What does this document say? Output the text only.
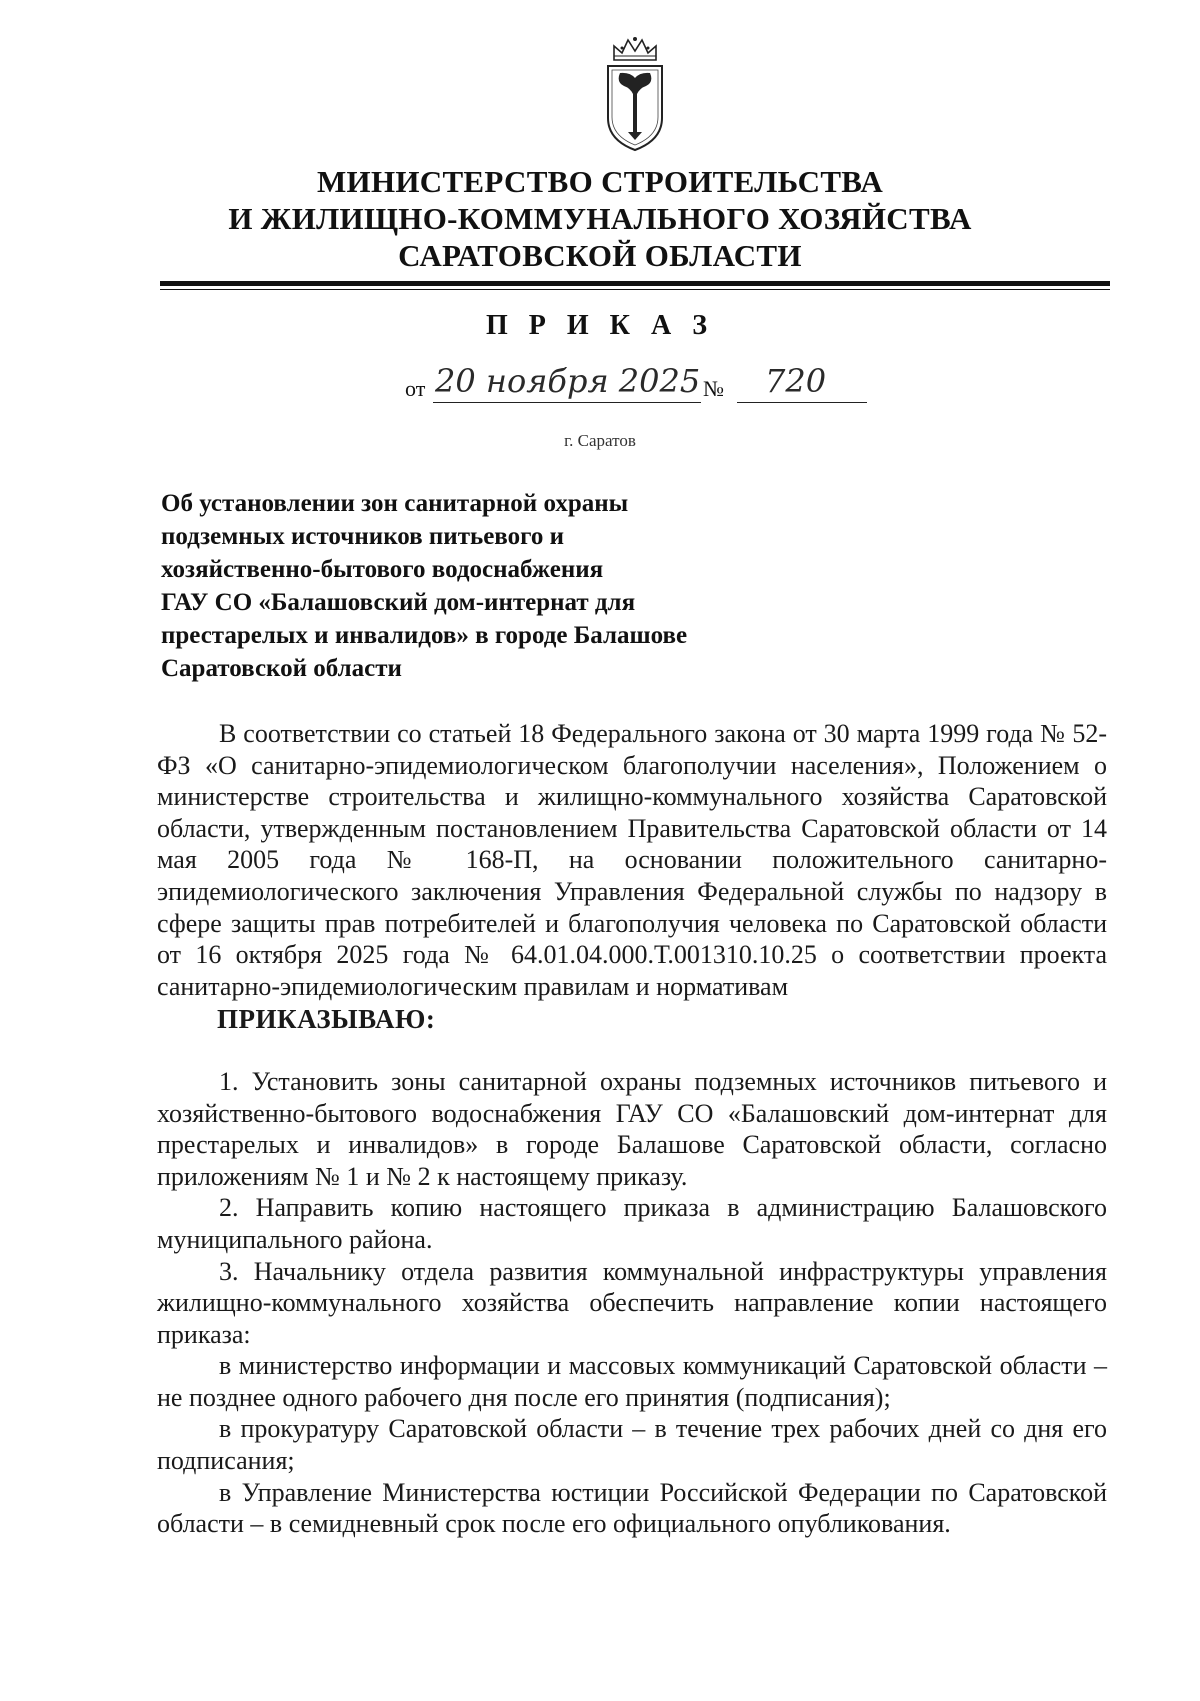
МИНИСТЕРСТВО СТРОИТЕЛЬСТВА
И ЖИЛИЩНО-КОММУНАЛЬНОГО ХОЗЯЙСТВА
САРАТОВСКОЙ ОБЛАСТИ
П Р И К А З
от 20 ноября 2025 № 720
г. Саратов
Об установлении зон санитарной охраны
подземных источников питьевого и
хозяйственно-бытового водоснабжения
ГАУ СО «Балашовский дом-интернат для
престарелых и инвалидов» в городе Балашове
Саратовской области

В соответствии со статьей 18 Федерального закона от 30 марта 1999 года № 52-ФЗ «О санитарно-эпидемиологическом благополучии населения», Положением о министерстве строительства и жилищно-коммунального хозяйства Саратовской области, утвержденным постановлением Правительства Саратовской области от 14 мая 2005 года № 168-П, на основании положительного санитарно-эпидемиологического заключения Управления Федеральной службы по надзору в сфере защиты прав потребителей и благополучия человека по Саратовской области от 16 октября 2025 года № 64.01.04.000.Т.001310.10.25 о соответствии проекта санитарно-эпидемиологическим правилам и нормативам

ПРИКАЗЫВАЮ:

1. Установить зоны санитарной охраны подземных источников питьевого и хозяйственно-бытового водоснабжения ГАУ СО «Балашовский дом-интернат для престарелых и инвалидов» в городе Балашове Саратовской области, согласно приложениям № 1 и № 2 к настоящему приказу.

2. Направить копию настоящего приказа в администрацию Балашовского муниципального района.

3. Начальнику отдела развития коммунальной инфраструктуры управления жилищно-коммунального хозяйства обеспечить направление копии настоящего приказа:

в министерство информации и массовых коммуникаций Саратовской области – не позднее одного рабочего дня после его принятия (подписания);

в прокуратуру Саратовской области – в течение трех рабочих дней со дня его подписания;

в Управление Министерства юстиции Российской Федерации по Саратовской области – в семидневный срок после его официального опубликования.
